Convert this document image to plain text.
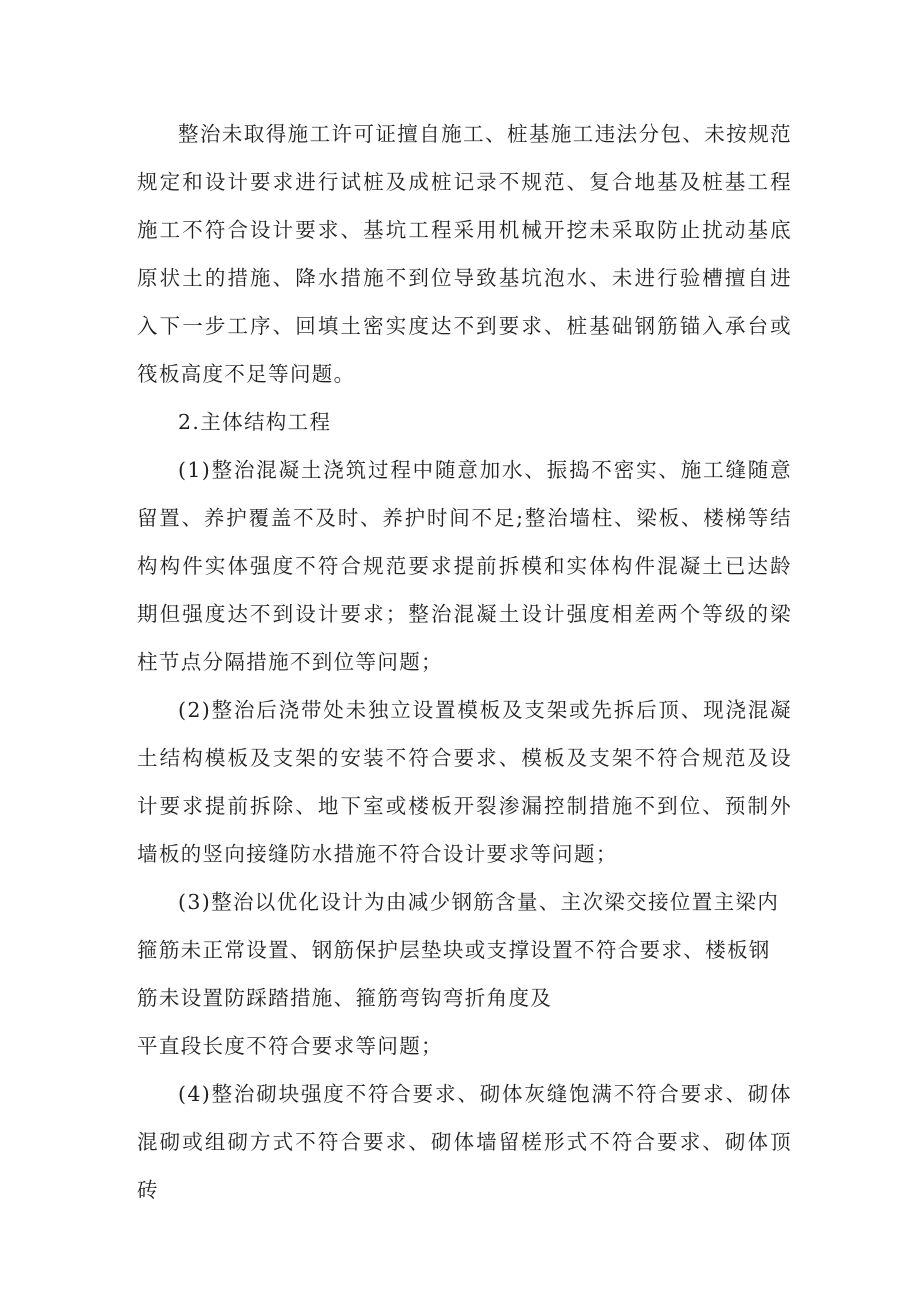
整治未取得施工许可证擅自施工、桩基施工违法分包、未按规范规定和设计要求进行试桩及成桩记录不规范、复合地基及桩基工程施工不符合设计要求、基坑工程采用机械开挖未采取防止扰动基底原状土的措施、降水措施不到位导致基坑泡水、未进行验槽擅自进入下一步工序、回填土密实度达不到要求、桩基础钢筋锚入承台或筏板高度不足等问题。

2.主体结构工程

(1)整治混凝土浇筑过程中随意加水、振捣不密实、施工缝随意留置、养护覆盖不及时、养护时间不足;整治墙柱、梁板、楼梯等结构构件实体强度不符合规范要求提前拆模和实体构件混凝土已达龄期但强度达不到设计要求；整治混凝土设计强度相差两个等级的梁柱节点分隔措施不到位等问题；

(2)整治后浇带处未独立设置模板及支架或先拆后顶、现浇混凝土结构模板及支架的安装不符合要求、模板及支架不符合规范及设计要求提前拆除、地下室或楼板开裂渗漏控制措施不到位、预制外墙板的竖向接缝防水措施不符合设计要求等问题；

(3)整治以优化设计为由减少钢筋含量、主次梁交接位置主梁内箍筋未正常设置、钢筋保护层垫块或支撑设置不符合要求、楼板钢筋未设置防踩踏措施、箍筋弯钩弯折角度及

平直段长度不符合要求等问题；

(4)整治砌块强度不符合要求、砌体灰缝饱满不符合要求、砌体混砌或组砌方式不符合要求、砌体墙留槎形式不符合要求、砌体顶砖
